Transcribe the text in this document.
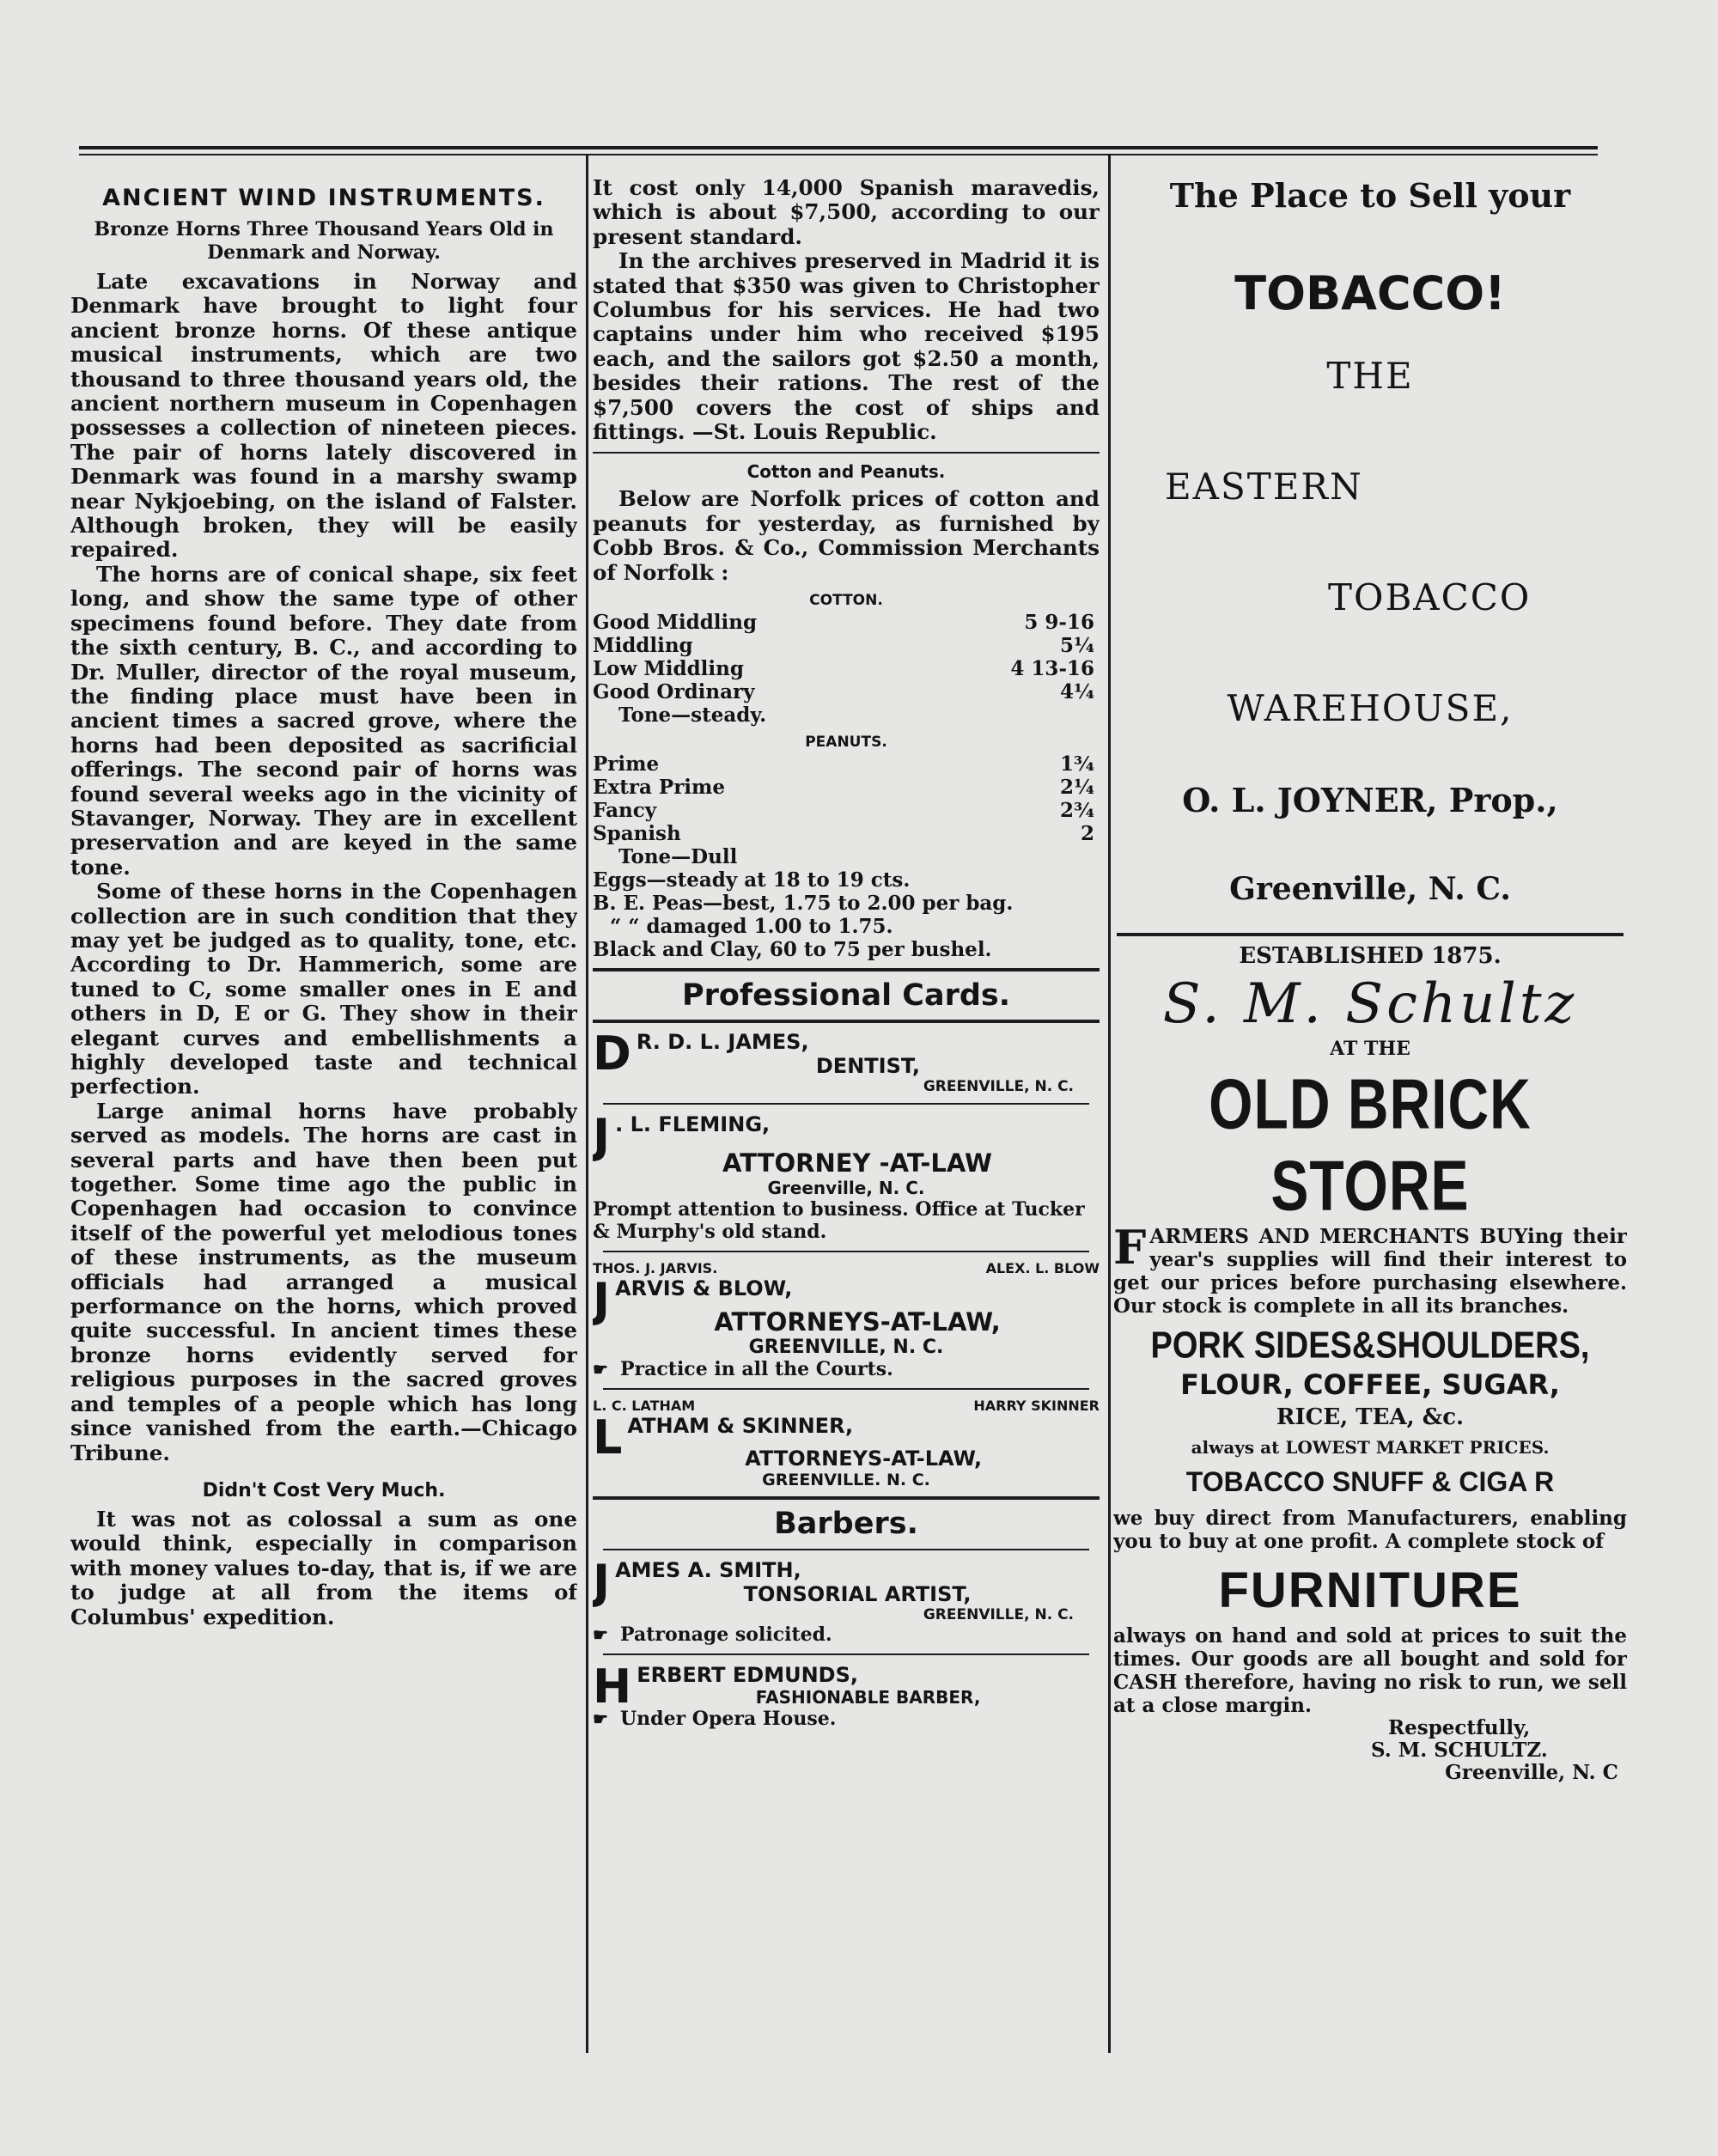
ANCIENT WIND INSTRUMENTS.
Bronze Horns Three Thousand Years Old in Denmark and Norway.

Late excavations in Norway and Denmark have brought to light four ancient bronze horns. Of these antique musical instruments, which are two thousand to three thousand years old, the ancient northern museum in Copenhagen possesses a collection of nineteen pieces. The pair of horns lately discovered in Denmark was found in a marshy swamp near Nykjoebing, on the island of Falster. Although broken, they will be easily repaired.

The horns are of conical shape, six feet long, and show the same type of other specimens found before. They date from the sixth century, B. C., and according to Dr. Muller, director of the royal museum, the finding place must have been in ancient times a sacred grove, where the horns had been deposited as sacrificial offerings. The second pair of horns was found several weeks ago in the vicinity of Stavanger, Norway. They are in excellent preservation and are keyed in the same tone.

Some of these horns in the Copenhagen collection are in such condition that they may yet be judged as to quality, tone, etc. According to Dr. Hammerich, some are tuned to C, some smaller ones in E and others in D, E or G. They show in their elegant curves and embellishments a highly developed taste and technical perfection.

Large animal horns have probably served as models. The horns are cast in several parts and have then been put together. Some time ago the public in Copenhagen had occasion to convince itself of the powerful yet melodious tones of these instruments, as the museum officials had arranged a musical performance on the horns, which proved quite successful. In ancient times these bronze horns evidently served for religious purposes in the sacred groves and temples of a people which has long since vanished from the earth.—Chicago Tribune.

Didn't Cost Very Much.

It was not as colossal a sum as one would think, especially in comparison with money values to-day, that is, if we are to judge at all from the items of Columbus' expedition.

It cost only 14,000 Spanish maravedis, which is about $7,500, according to our present standard.

In the archives preserved in Madrid it is stated that $350 was given to Christopher Columbus for his services. He had two captains under him who received $195 each, and the sailors got $2.50 a month, besides their rations. The rest of the $7,500 covers the cost of ships and fittings. —St. Louis Republic.

Cotton and Peanuts.

Below are Norfolk prices of cotton and peanuts for yesterday, as furnished by Cobb Bros. & Co., Commission Merchants of Norfolk :

COTTON.
Good Middling	5 9-16
Middling	5¼
Low Middling	4 13-16
Good Ordinary	4¼
Tone—steady.
PEANUTS.
Prime	1¾
Extra Prime	2¼
Fancy	2¾
Spanish	2
Tone—Dull
Eggs—steady at 18 to 19 cts.
B. E. Peas—best, 1.75 to 2.00 per bag.
“ “ damaged 1.00 to 1.75.
Black and Clay, 60 to 75 per bushel.
Professional Cards.
D R. D. L. JAMES,
DENTIST,
GREENVILLE, N. C.
J . L. FLEMING,
ATTORNEY -AT-LAW
Greenville, N. C.
Prompt attention to business. Office at Tucker & Murphy's old stand.
THOS. J. JARVIS.	ALEX. L. BLOW
J ARVIS & BLOW,
ATTORNEYS-AT-LAW,
GREENVILLE, N. C.
☛ Practice in all the Courts.
L. C. LATHAM	HARRY SKINNER
L ATHAM & SKINNER,
ATTORNEYS-AT-LAW,
GREENVILLE. N. C.
Barbers.
J AMES A. SMITH,
TONSORIAL ARTIST,
GREENVILLE, N. C.
☛ Patronage solicited.
H ERBERT EDMUNDS,
FASHIONABLE BARBER,
☛ Under Opera House.
The Place to Sell your
TOBACCO!
THE
EASTERN
TOBACCO
WAREHOUSE,
O. L. JOYNER, Prop.,
Greenville, N. C.
ESTABLISHED 1875.
S. M. Schultz
AT THE
OLD BRICK STORE

FARMERS AND MERCHANTS BUYing their year's supplies will find their interest to get our prices before purchasing elsewhere. Our stock is complete in all its branches.

PORK SIDES&SHOULDERS,
FLOUR, COFFEE, SUGAR,
RICE, TEA, &c.
always at LOWEST MARKET PRICES.
TOBACCO SNUFF & CIGA R

we buy direct from Manufacturers, enabling you to buy at one profit. A complete stock of

FURNITURE

always on hand and sold at prices to suit the times. Our goods are all bought and sold for CASH therefore, having no risk to run, we sell at a close margin.

Respectfully,
S. M. SCHULTZ.
Greenville, N. C
